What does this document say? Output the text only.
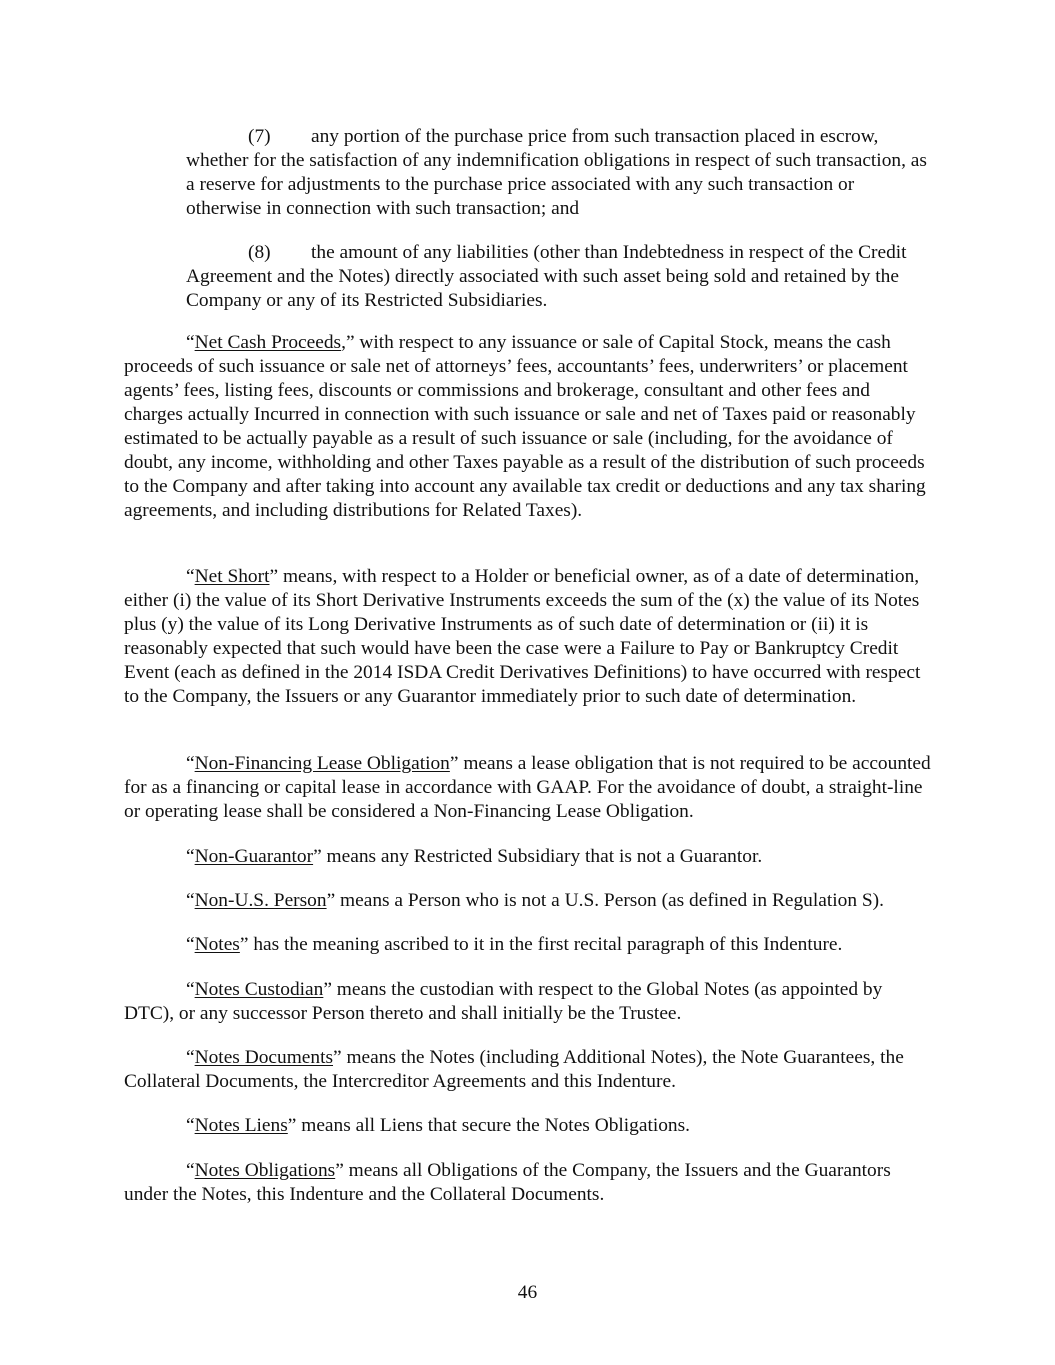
(7) any portion of the purchase price from such transaction placed in escrow, whether for the satisfaction of any indemnification obligations in respect of such transaction, as a reserve for adjustments to the purchase price associated with any such transaction or otherwise in connection with such transaction; and

(8) the amount of any liabilities (other than Indebtedness in respect of the Credit Agreement and the Notes) directly associated with such asset being sold and retained by the Company or any of its Restricted Subsidiaries.

“Net Cash Proceeds,” with respect to any issuance or sale of Capital Stock, means the cash proceeds of such issuance or sale net of attorneys’ fees, accountants’ fees, underwriters’ or placement agents’ fees, listing fees, discounts or commissions and brokerage, consultant and other fees and charges actually Incurred in connection with such issuance or sale and net of Taxes paid or reasonably estimated to be actually payable as a result of such issuance or sale (including, for the avoidance of doubt, any income, withholding and other Taxes payable as a result of the distribution of such proceeds to the Company and after taking into account any available tax credit or deductions and any tax sharing agreements, and including distributions for Related Taxes).

“Net Short” means, with respect to a Holder or beneficial owner, as of a date of determination, either (i) the value of its Short Derivative Instruments exceeds the sum of the (x) the value of its Notes plus (y) the value of its Long Derivative Instruments as of such date of determination or (ii) it is reasonably expected that such would have been the case were a Failure to Pay or Bankruptcy Credit Event (each as defined in the 2014 ISDA Credit Derivatives Definitions) to have occurred with respect to the Company, the Issuers or any Guarantor immediately prior to such date of determination.

“Non-Financing Lease Obligation” means a lease obligation that is not required to be accounted for as a financing or capital lease in accordance with GAAP. For the avoidance of doubt, a straight-line or operating lease shall be considered a Non-Financing Lease Obligation.

“Non-Guarantor” means any Restricted Subsidiary that is not a Guarantor.

“Non-U.S. Person” means a Person who is not a U.S. Person (as defined in Regulation S).

“Notes” has the meaning ascribed to it in the first recital paragraph of this Indenture.

“Notes Custodian” means the custodian with respect to the Global Notes (as appointed by DTC), or any successor Person thereto and shall initially be the Trustee.

“Notes Documents” means the Notes (including Additional Notes), the Note Guarantees, the Collateral Documents, the Intercreditor Agreements and this Indenture.

“Notes Liens” means all Liens that secure the Notes Obligations.

“Notes Obligations” means all Obligations of the Company, the Issuers and the Guarantors under the Notes, this Indenture and the Collateral Documents.

46
